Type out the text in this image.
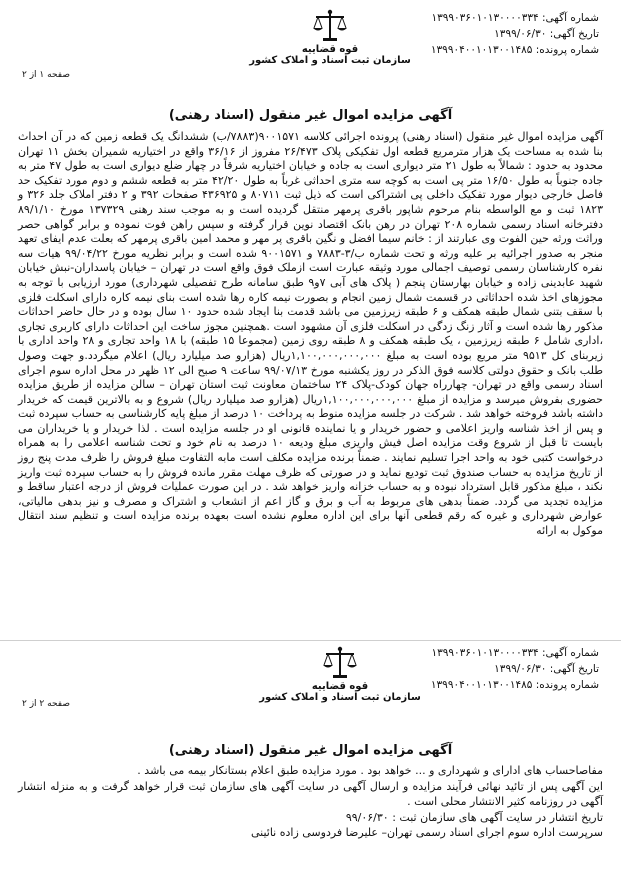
شماره آگهی: ۱۳۹۹۰۳۶۰۱۰۱۳۰۰۰۰۳۳۴
تاریخ آگهی: ۱۳۹۹/۰۶/۳۰
شماره پرونده: ۱۳۹۹۰۴۰۰۱۰۱۳۰۰۱۴۸۵
قوه قضاییه
سازمان ثبت اسناد و املاک کشور
صفحه ۱ از ۲
آگهی مزایده اموال غیر منقول (اسناد رهنی)

آگهی مزایده اموال غیر منقول (اسناد رهنی) پرونده اجرائی کلاسه ۹۰۰۱۵۷۱(۷۸۸۳/ب) ششدانگ یک قطعه زمین که در آن احداث بنا شده به مساحت یک هزار مترمربع قطعه اول تفکیکی پلاک ۲۶/۴۷۳ مفروز از ۳۶/۱۶ واقع در اختیاریه شمیران بخش ۱۱ تهران محدود به حدود : شمالاً به طول ۲۱ متر دیواری است به جاده و خیابان اختیاریه شرقاً در چهار ضلع دیواری است به طول ۴۷ متر به جاده جنوباً به طول ۱۶/۵۰ متر پی است به کوچه سه متری احداثی غرباً به طول ۴۲/۲۰ متر به قطعه ششم و دوم مورد تفکیک حد فاصل خارجی دیوار مورد تفکیک داخلی پی اشتراکی است که ذیل ثبت ۸۰۷۱۱ و ۴۳۶۹۲۵ صفحات ۳۹۲ و ۲ دفتر املاک جلد ۳۲۶ و ۱۸۲۳ ثبت و مع الواسطه بنام مرحوم شاپور باقری پرمهر منتقل گردیده است و به موجب سند رهنی ۱۳۷۳۲۹ مورخ ۸۹/۱/۱۰ دفترخانه اسناد رسمی شماره ۲۰۸ تهران در رهن بانک اقتصاد نوین قرار گرفته و سپس راهن فوت نموده و برابر گواهی حصر وراثت ورثه حین الفوت وی عبارتند از : خانم سیما افضل و نگین باقری پر مهر و محمد امین باقری پرمهر که بعلت عدم ایفای تعهد منجر به صدور اجرائیه بر علیه ورثه و تحت شماره ب/۳-۷۸۸۳ و ۹۰۰۱۵۷۱ شده است و برابر نظریه مورخ ۹۹/۰۴/۲۲ هیات سه نفره کارشناسان رسمی توصیف اجمالی مورد وثیقه عبارت است ازملک فوق واقع است در تهران – خیابان پاسداران-نبش خیابان شهید عابدینی زاده و خیابان بهارستان پنجم ( پلاک های آبی ۷و۹ طبق سامانه طرح تفصیلی شهرداری) مورد ارزیابی با توجه به مجوزهای اخذ شده احداثاتی در قسمت شمال زمین انجام و بصورت نیمه کاره رها شده است بنای نیمه کاره دارای اسکلت فلزی با سقف بتنی شمال طبقه همکف و ۶ طبقه زیرزمین می باشد قدمت بنا ایجاد شده حدود ۱۰ سال بوده و در حال حاضر احداثات مذکور رها شده است و آثار زنگ زدگی در اسکلت فلزی آن مشهود است .همچنین مجوز ساخت این احداثات دارای کاربری تجاری ،اداری شامل ۶ طبقه زیرزمین ، یک طبقه همکف و ۸ طبقه روی زمین (مجموعا ۱۵ طبقه) با ۱۸ واحد تجاری و ۲۸ واحد اداری با زیربنای کل ۹۵۱۳ متر مربع بوده است به مبلغ ۱,۱۰۰,۰۰۰,۰۰۰,۰۰۰ریال (هزارو صد میلیارد ریال) اعلام میگردد.و جهت وصول طلب بانک و حقوق دولتی کلاسه فوق الذکر در روز یکشنبه مورخ ۹۹/۰۷/۱۳ ساعت ۹ صبح الی ۱۲ ظهر در محل اداره سوم اجرای اسناد رسمی واقع در تهران- چهارراه جهان کودک-پلاک ۲۴ ساختمان معاونت ثبت استان تهران – سالن مزایده از طریق مزایده حضوری بفروش میرسد و مزایده از مبلغ ۱,۱۰۰,۰۰۰,۰۰۰,۰۰۰ریال (هزارو صد میلیارد ریال) شروع و به بالاترین قیمت که خریدار داشته باشد فروخته خواهد شد . شرکت در جلسه مزایده منوط به پرداخت ۱۰ درصد از مبلغ پایه کارشناسی به حساب سپرده ثبت و پس از اخذ شناسه واریز اعلامی و حضور خریدار و یا نماینده قانونی او در جلسه مزایده است . لذا خریدار و یا خریداران می بایست تا قبل از شروع وقت مزایده اصل فیش واریزی مبلغ ودیعه ۱۰ درصد به نام خود و تحت شناسه اعلامی را به همراه درخواست کتبی خود به واحد اجرا تسلیم نمایند . ضمناً برنده مزایده مکلف است مابه التفاوت مبلغ فروش را ظرف مدت پنج روز از تاریخ مزایده به حساب صندوق ثبت تودیع نماید و در صورتی که ظرف مهلت مقرر مانده فروش را به حساب سپرده ثبت واریز نکند ، مبلغ مذکور قابل استرداد نبوده و به حساب خزانه واریز خواهد شد . در این صورت عملیات فروش از درجه اعتبار ساقط و مزایده تجدید می گردد. ضمناً بدهی های مربوط به آب و برق و گاز اعم از انشعاب و اشتراک و مصرف و نیز بدهی مالیاتی، عوارض شهرداری و غیره که رقم قطعی آنها برای این اداره معلوم نشده است بعهده برنده مزایده است و تنظیم سند انتقال موکول به ارائه

شماره آگهی: ۱۳۹۹۰۳۶۰۱۰۱۳۰۰۰۰۳۳۴
تاریخ آگهی: ۱۳۹۹/۰۶/۳۰
شماره پرونده: ۱۳۹۹۰۴۰۰۱۰۱۳۰۰۱۴۸۵
قوه قضاییه
سازمان ثبت اسناد و املاک کشور
صفحه ۲ از ۲
آگهی مزایده اموال غیر منقول (اسناد رهنی)
مفاصاحساب های ادارای و شهرداری و ... خواهد بود . مورد مزایده طبق اعلام بستانکار بیمه می باشد .
این آگهی پس از تائید نهائی فرآیند مزایده و ارسال آگهی در سایت آگهی های سازمان ثبت قرار خواهد گرفت و به منزله انتشار آگهی در روزنامه کثیر الانتشار محلی است .
تاریخ انتشار در سایت آگهی های سازمان ثبت : ۹۹/۰۶/۳۰
سرپرست اداره سوم اجرای اسناد رسمی تهران– علیرضا فردوسی زاده نائینی
